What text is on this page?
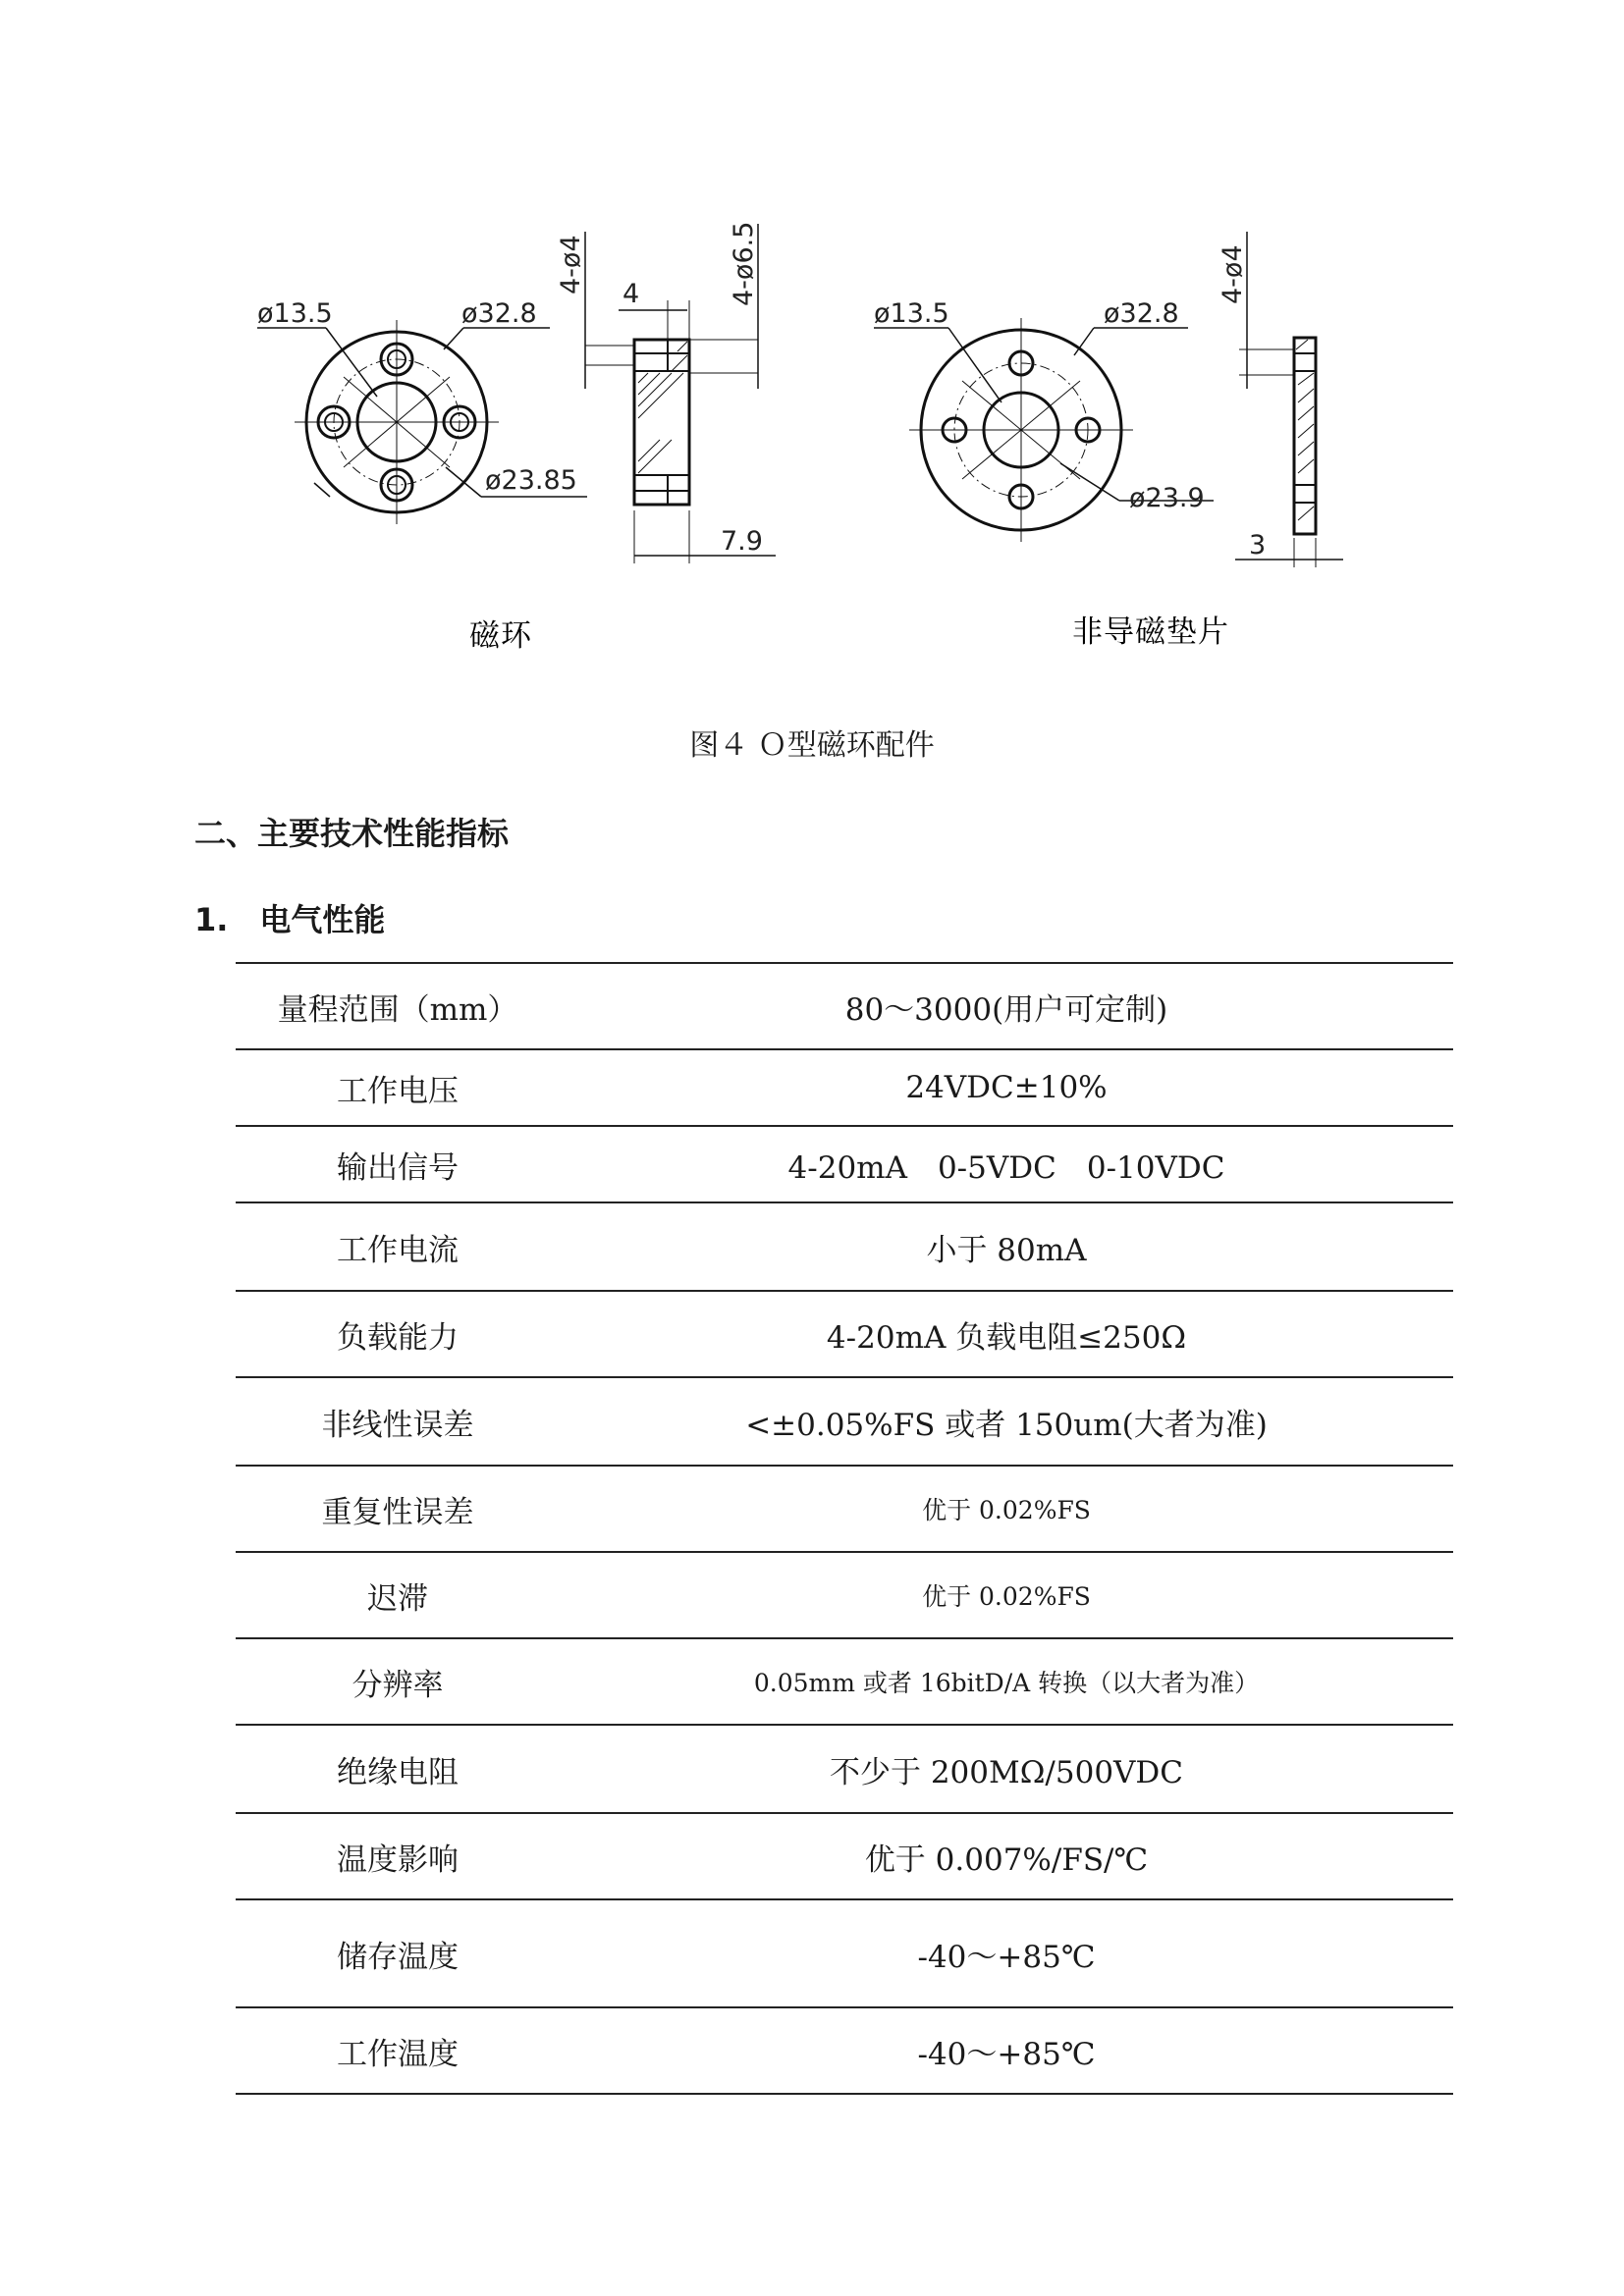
ø13.5	ø32.8
ø23.85
4-ø4	4-ø6.5
4
7.9
ø13.5	ø32.8
ø23.9
4-ø4
3
磁环	非导磁垫片
图４ Ｏ型磁环配件
二、主要技术性能指标
1.　电气性能
量程范围（mm）	80～3000(用户可定制)
工作电压	24VDC±10%
输出信号	4-20mA　0-5VDC　0-10VDC
工作电流	小于 80mA
负载能力	4-20mA 负载电阻≤250Ω
非线性误差	<±0.05%FS 或者 150um(大者为准)
重复性误差	优于 0.02%FS
迟滞	优于 0.02%FS
分辨率	0.05mm 或者 16bitD/A 转换（以大者为准）
绝缘电阻	不少于 200MΩ/500VDC
温度影响	优于 0.007%/FS/℃
储存温度	-40～+85℃
工作温度	-40～+85℃
